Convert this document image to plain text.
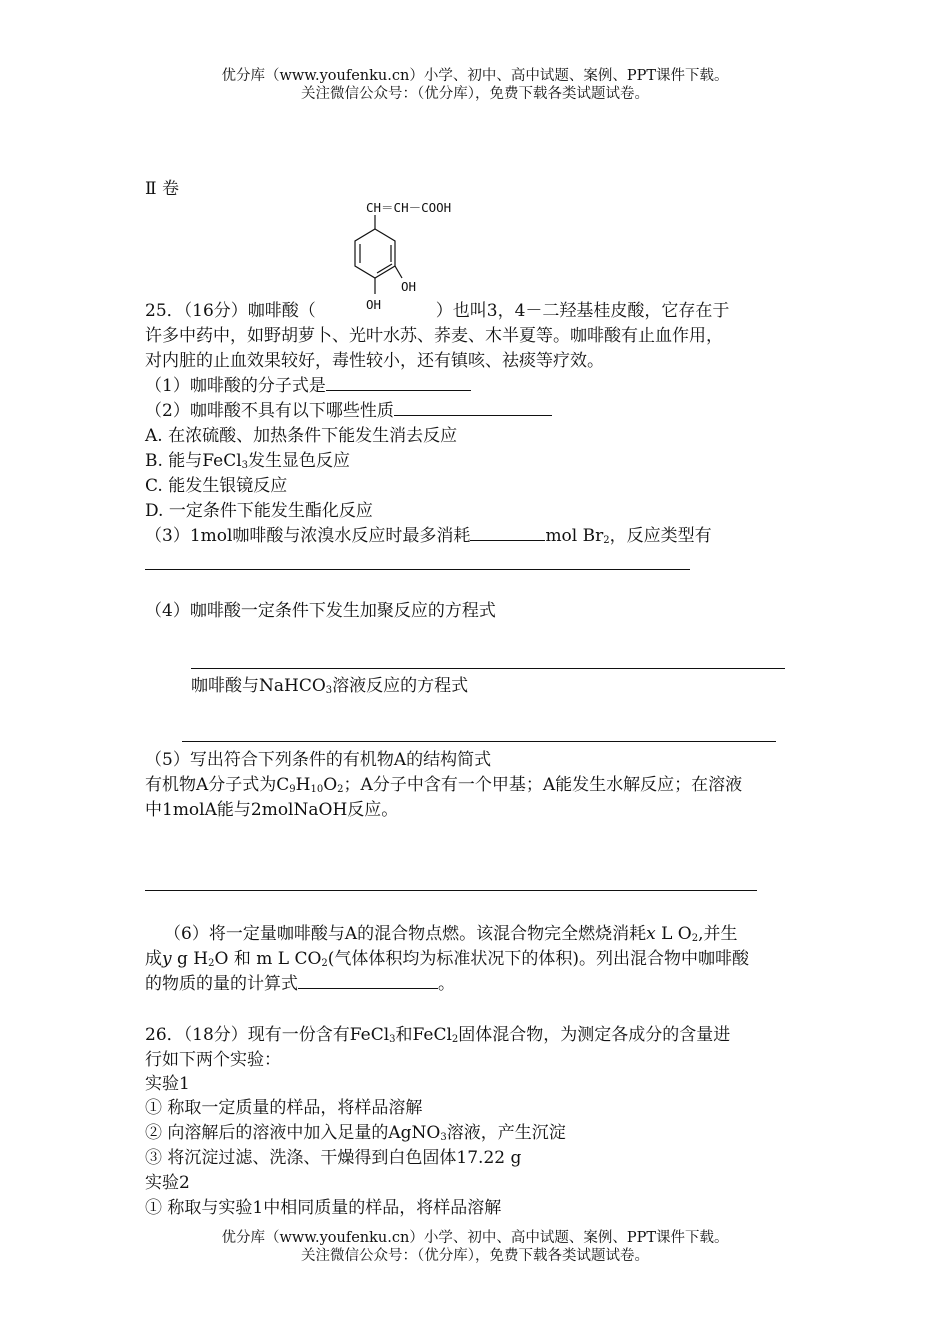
优分库（www.youfenku.cn）小学、初中、高中试题、案例、PPT课件下载。
关注微信公众号：（优分库），免费下载各类试题试卷。
Ⅱ 卷
CH＝CH－COOH
OH
OH
25．（16分）咖啡酸（	）也叫3，4－二羟基桂皮酸，它存在于
许多中药中，如野胡萝卜、光叶水苏、荞麦、木半夏等。咖啡酸有止血作用，
对内脏的止血效果较好，毒性较小，还有镇咳、祛痰等疗效。
（1）咖啡酸的分子式是
（2）咖啡酸不具有以下哪些性质
A. 在浓硫酸、加热条件下能发生消去反应
B. 能与FeCl$_3$发生显色反应
C. 能发生银镜反应
D. 一定条件下能发生酯化反应
（3）1mol咖啡酸与浓溴水反应时最多消耗	mol $Br_2$，反应类型有
（4）咖啡酸一定条件下发生加聚反应的方程式
咖啡酸与NaHCO$_3$溶液反应的方程式
（5）写出符合下列条件的有机物A的结构简式
有机物A分子式为$C_9H_{10}O_2$；A分子中含有一个甲基；A能发生水解反应；在溶液
中1molA能与2molNaOH反应。
（6）将一定量咖啡酸与A的混合物点燃。该混合物完全燃烧消耗x L $O_2$,并生
成y g $H_2O$ 和 m L $CO_2$(气体体积均为标准状况下的体积)。列出混合物中咖啡酸
的物质的量的计算式	。
26．（18分）现有一份含有FeCl$_3$和FeCl$_2$固体混合物，为测定各成分的含量进
行如下两个实验：
实验1
① 称取一定质量的样品，将样品溶解
② 向溶解后的溶液中加入足量的AgNO$_3$溶液，产生沉淀
③ 将沉淀过滤、洗涤、干燥得到白色固体17.22 g
实验2
① 称取与实验1中相同质量的样品，将样品溶解
优分库（www.youfenku.cn）小学、初中、高中试题、案例、PPT课件下载。
关注微信公众号：（优分库），免费下载各类试题试卷。
